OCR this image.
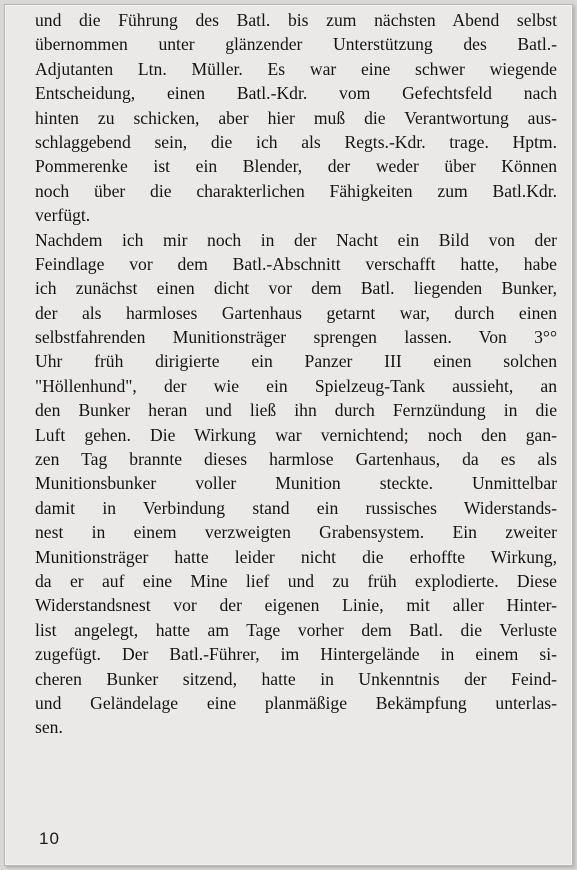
und die Führung des Batl. bis zum nächsten Abend selbst
übernommen unter glänzender Unterstützung des Batl.-
Adjutanten Ltn. Müller. Es war eine schwer wiegende
Entscheidung, einen Batl.-Kdr. vom Gefechtsfeld nach
hinten zu schicken, aber hier muß die Verantwortung aus-
schlaggebend sein, die ich als Regts.-Kdr. trage. Hptm.
Pommerenke ist ein Blender, der weder über Können
noch über die charakterlichen Fähigkeiten zum Batl.Kdr.
verfügt.
Nachdem ich mir noch in der Nacht ein Bild von der
Feindlage vor dem Batl.-Abschnitt verschafft hatte, habe
ich zunächst einen dicht vor dem Batl. liegenden Bunker,
der als harmloses Gartenhaus getarnt war, durch einen
selbstfahrenden Munitionsträger sprengen lassen. Von 3°°
Uhr früh dirigierte ein Panzer III einen solchen
"Höllenhund", der wie ein Spielzeug-Tank aussieht, an
den Bunker heran und ließ ihn durch Fernzündung in die
Luft gehen. Die Wirkung war vernichtend; noch den gan-
zen Tag brannte dieses harmlose Gartenhaus, da es als
Munitionsbunker voller Munition steckte. Unmittelbar
damit in Verbindung stand ein russisches Widerstands-
nest in einem verzweigten Grabensystem. Ein zweiter
Munitionsträger hatte leider nicht die erhoffte Wirkung,
da er auf eine Mine lief und zu früh explodierte. Diese
Widerstandsnest vor der eigenen Linie, mit aller Hinter-
list angelegt, hatte am Tage vorher dem Batl. die Verluste
zugefügt. Der Batl.-Führer, im Hintergelände in einem si-
cheren Bunker sitzend, hatte in Unkenntnis der Feind-
und Geländelage eine planmäßige Bekämpfung unterlas-
sen.
10
